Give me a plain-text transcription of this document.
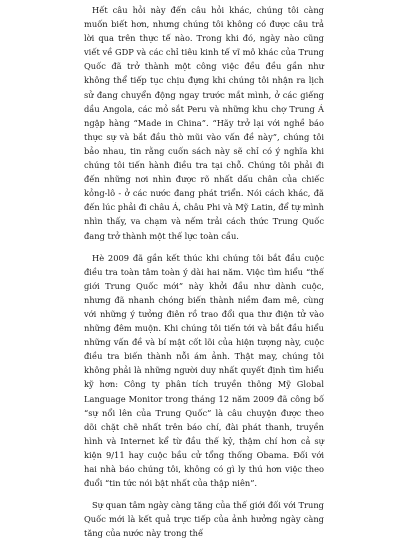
Hết câu hỏi này đến câu hỏi khác, chúng tôi càng muốn biết hơn, nhưng chúng tôi không có được câu trả lời qua trên thực tế nào. Trong khi đó, ngày nào cũng viết về GDP và các chỉ tiêu kinh tế vĩ mô khác của Trung Quốc đã trở thành một công việc đều đều gần như không thể tiếp tục chịu đựng khi chúng tôi nhận ra lịch sử đang chuyển động ngay trước mắt mình, ở các giếng dầu Angola, các mỏ sắt Peru và những khu chợ Trung Á ngập hàng “Made in China”. “Hãy trở lại với nghề báo thực sự và bắt đầu thò mũi vào vấn đề này”, chúng tôi bảo nhau, tin rằng cuốn sách này sẽ chỉ có ý nghĩa khi chúng tôi tiến hành điều tra tại chỗ. Chúng tôi phải đi đến những nơi nhìn được rõ nhất dấu chân của chiếc kỏng-lô - ở các nước đang phát triển. Nói cách khác, đã đến lúc phải đi châu Á, châu Phi và Mỹ Latin, để tự mình nhìn thấy, va chạm và nếm trải cách thức Trung Quốc đang trở thành một thế lực toàn cầu.

Hè 2009 đã gần kết thúc khi chúng tôi bắt đầu cuộc điều tra toàn tâm toàn ý dài hai năm. Việc tìm hiểu “thế giới Trung Quốc mới” này khởi đầu như dành cuộc, nhưng đã nhanh chóng biến thành niềm đam mê, cùng với những ý tưởng điên rồ trao đổi qua thư điện tử vào những đêm muộn. Khi chúng tôi tiến tới và bắt đầu hiểu những vấn đề và bí mật cốt lõi của hiện tượng này, cuộc điều tra biến thành nỗi ám ảnh. Thật may, chúng tôi không phải là những người duy nhất quyết định tìm hiểu kỹ hơn: Công ty phân tích truyền thông Mỹ Global Language Monitor trong tháng 12 năm 2009 đã công bố “sự nổi lên của Trung Quốc” là câu chuyện được theo dõi chặt chẽ nhất trên báo chí, đài phát thanh, truyền hình và Internet kể từ đầu thế kỷ, thậm chí hơn cả sự kiện 9/11 hay cuộc bầu cử tổng thống Obama. Đối với hai nhà báo chúng tôi, không có gì ly thú hơn việc theo đuổi “tin tức nói bật nhất của thập niên”.

Sự quan tâm ngày càng tăng của thế giới đối với Trung Quốc mới là kết quả trực tiếp của ảnh hưởng ngày càng tăng của nước này trong thế
